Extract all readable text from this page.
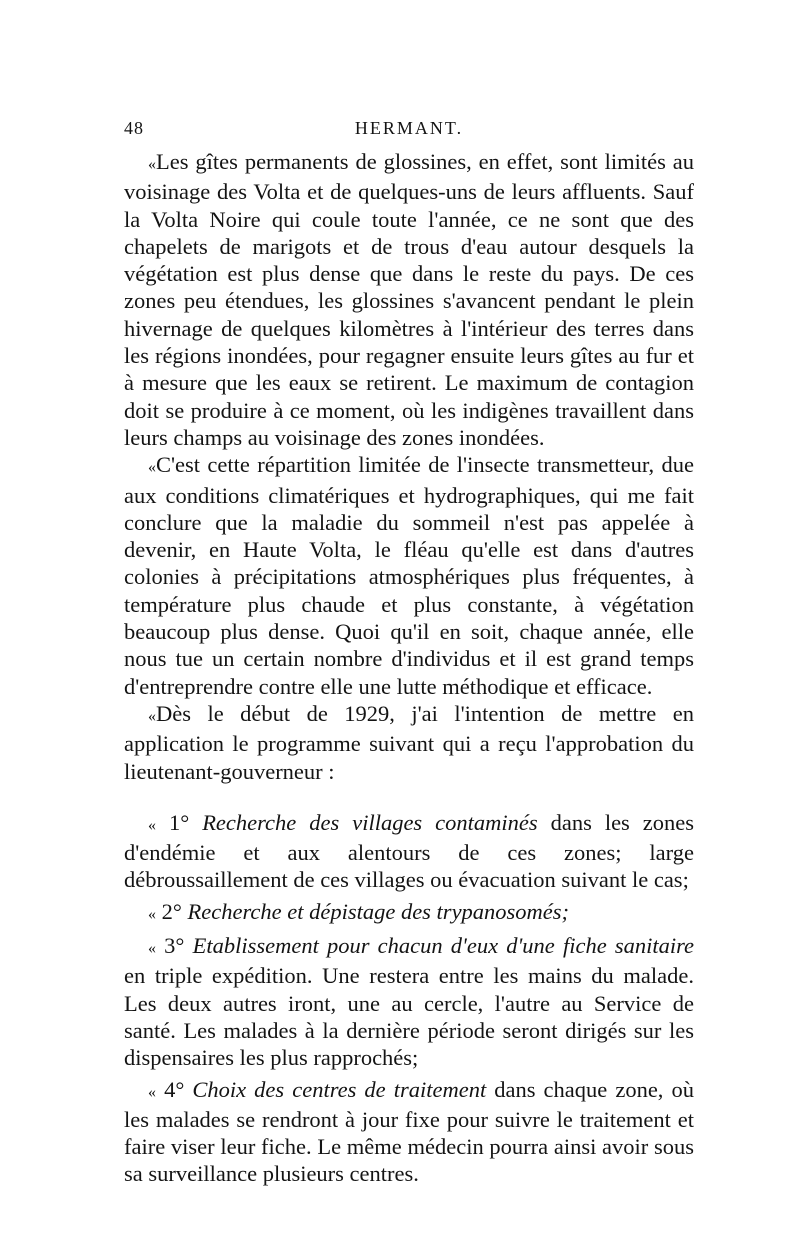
48	HERMANT.

«Les gîtes permanents de glossines, en effet, sont limités au voisinage des Volta et de quelques-uns de leurs affluents. Sauf la Volta Noire qui coule toute l'année, ce ne sont que des chapelets de marigots et de trous d'eau autour desquels la végétation est plus dense que dans le reste du pays. De ces zones peu étendues, les glossines s'avancent pendant le plein hivernage de quelques kilomètres à l'intérieur des terres dans les régions inondées, pour regagner ensuite leurs gîtes au fur et à mesure que les eaux se retirent. Le maximum de contagion doit se produire à ce moment, où les indigènes travaillent dans leurs champs au voisinage des zones inondées.

«C'est cette répartition limitée de l'insecte transmetteur, due aux conditions climatériques et hydrographiques, qui me fait conclure que la maladie du sommeil n'est pas appelée à devenir, en Haute Volta, le fléau qu'elle est dans d'autres colonies à précipitations atmosphériques plus fréquentes, à température plus chaude et plus constante, à végétation beaucoup plus dense. Quoi qu'il en soit, chaque année, elle nous tue un certain nombre d'individus et il est grand temps d'entreprendre contre elle une lutte méthodique et efficace.

«Dès le début de 1929, j'ai l'intention de mettre en application le programme suivant qui a reçu l'approbation du lieutenant-gouverneur :

« 1° Recherche des villages contaminés dans les zones d'endémie et aux alentours de ces zones; large débroussaillement de ces villages ou évacuation suivant le cas;

« 2° Recherche et dépistage des trypanosomés;

« 3° Etablissement pour chacun d'eux d'une fiche sanitaire en triple expédition. Une restera entre les mains du malade. Les deux autres iront, une au cercle, l'autre au Service de santé. Les malades à la dernière période seront dirigés sur les dispensaires les plus rapprochés;

« 4° Choix des centres de traitement dans chaque zone, où les malades se rendront à jour fixe pour suivre le traitement et faire viser leur fiche. Le même médecin pourra ainsi avoir sous sa surveillance plusieurs centres.
